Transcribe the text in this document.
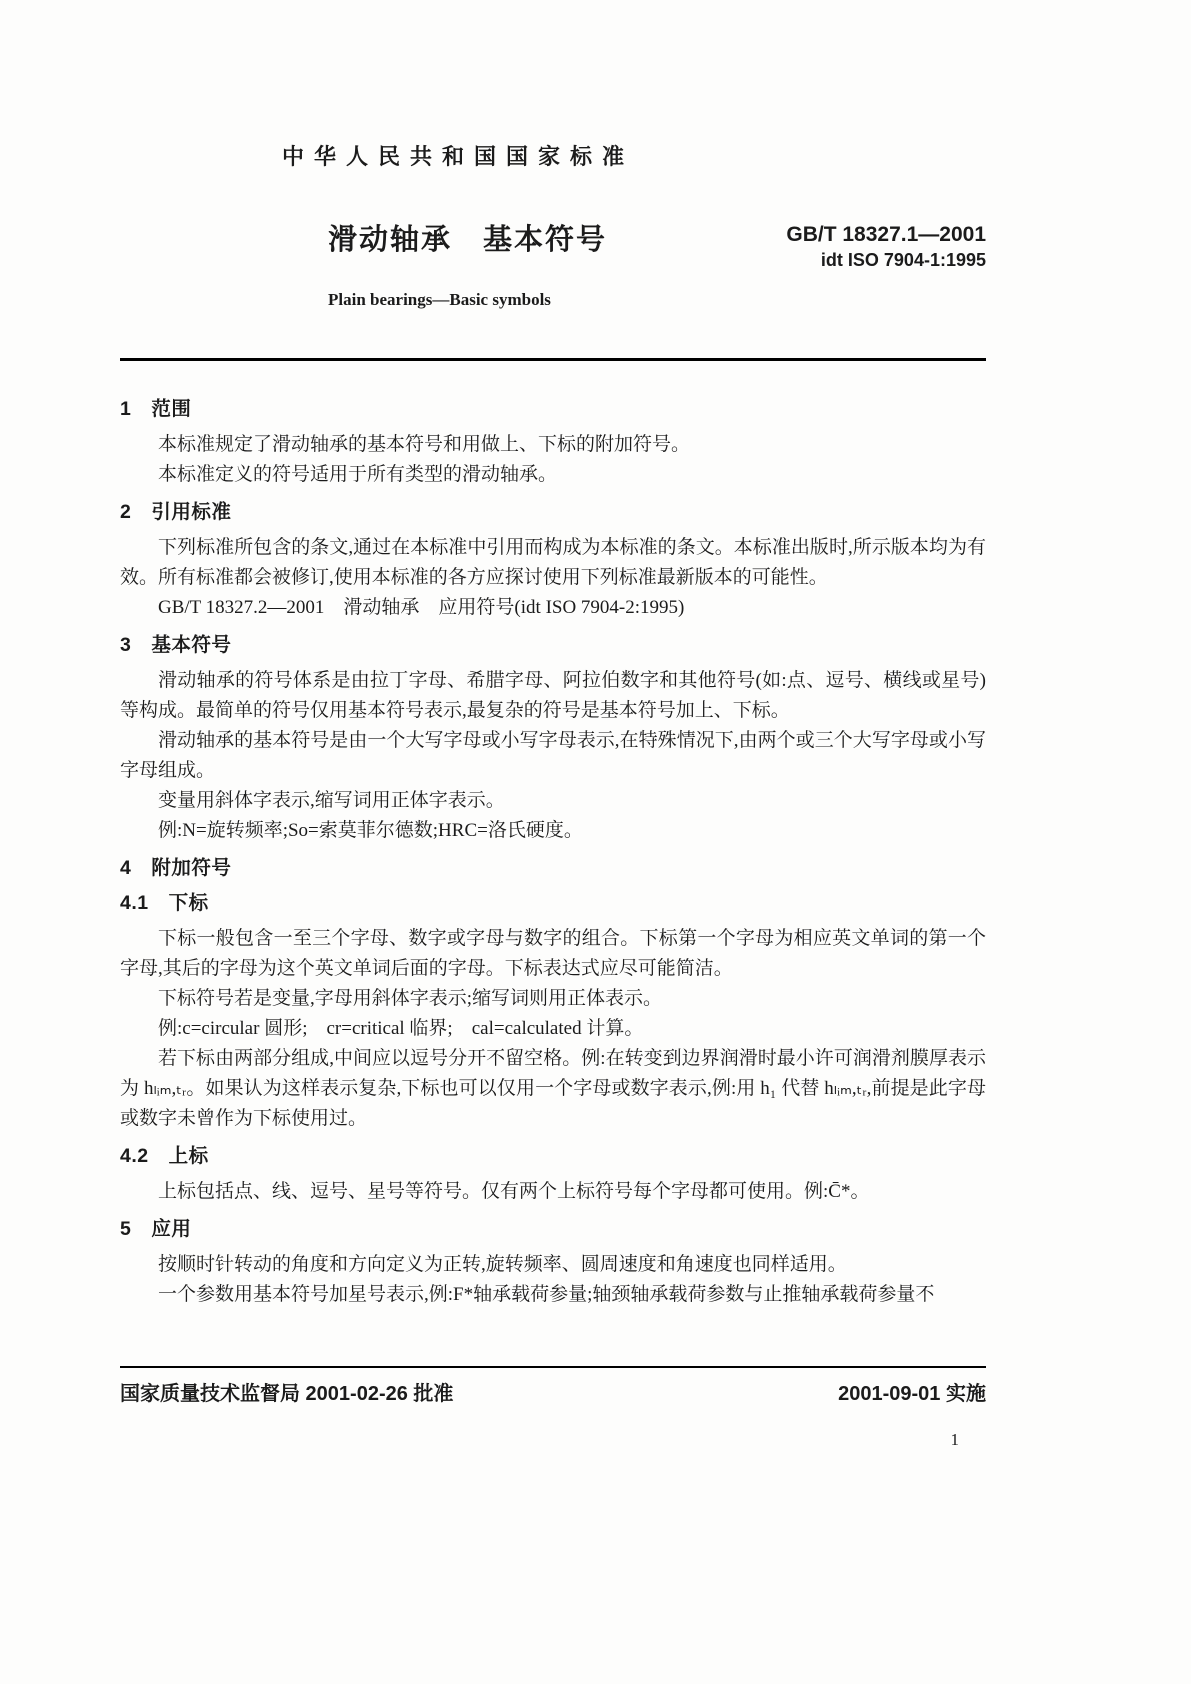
中华人民共和国国家标准
滑动轴承　基本符号	GB/T 18327.1—2001
idt ISO 7904-1:1995
Plain bearings—Basic symbols
1　范围

本标准规定了滑动轴承的基本符号和用做上、下标的附加符号。

本标准定义的符号适用于所有类型的滑动轴承。

2　引用标准

下列标准所包含的条文,通过在本标准中引用而构成为本标准的条文。本标准出版时,所示版本均为有效。所有标准都会被修订,使用本标准的各方应探讨使用下列标准最新版本的可能性。

GB/T 18327.2—2001　滑动轴承　应用符号(idt ISO 7904-2:1995)

3　基本符号

滑动轴承的符号体系是由拉丁字母、希腊字母、阿拉伯数字和其他符号(如:点、逗号、横线或星号)等构成。最简单的符号仅用基本符号表示,最复杂的符号是基本符号加上、下标。

滑动轴承的基本符号是由一个大写字母或小写字母表示,在特殊情况下,由两个或三个大写字母或小写字母组成。

变量用斜体字表示,缩写词用正体字表示。

例:N=旋转频率;So=索莫菲尔德数;HRC=洛氏硬度。

4　附加符号
4.1　下标

下标一般包含一至三个字母、数字或字母与数字的组合。下标第一个字母为相应英文单词的第一个字母,其后的字母为这个英文单词后面的字母。下标表达式应尽可能简洁。

下标符号若是变量,字母用斜体字表示;缩写词则用正体表示。

例:c=circular 圆形;　cr=critical 临界;　cal=calculated 计算。

若下标由两部分组成,中间应以逗号分开不留空格。例:在转变到边界润滑时最小许可润滑剂膜厚表示为 hₗᵢₘ,ₜᵣ。如果认为这样表示复杂,下标也可以仅用一个字母或数字表示,例:用 h₁ 代替 hₗᵢₘ,ₜᵣ,前提是此字母或数字未曾作为下标使用过。

4.2　上标

上标包括点、线、逗号、星号等符号。仅有两个上标符号每个字母都可使用。例:C̄*。

5　应用

按顺时针转动的角度和方向定义为正转,旋转频率、圆周速度和角速度也同样适用。

一个参数用基本符号加星号表示,例:F*轴承载荷参量;轴颈轴承载荷参数与止推轴承载荷参量不

国家质量技术监督局 2001-02-26 批准	2001-09-01 实施
1
